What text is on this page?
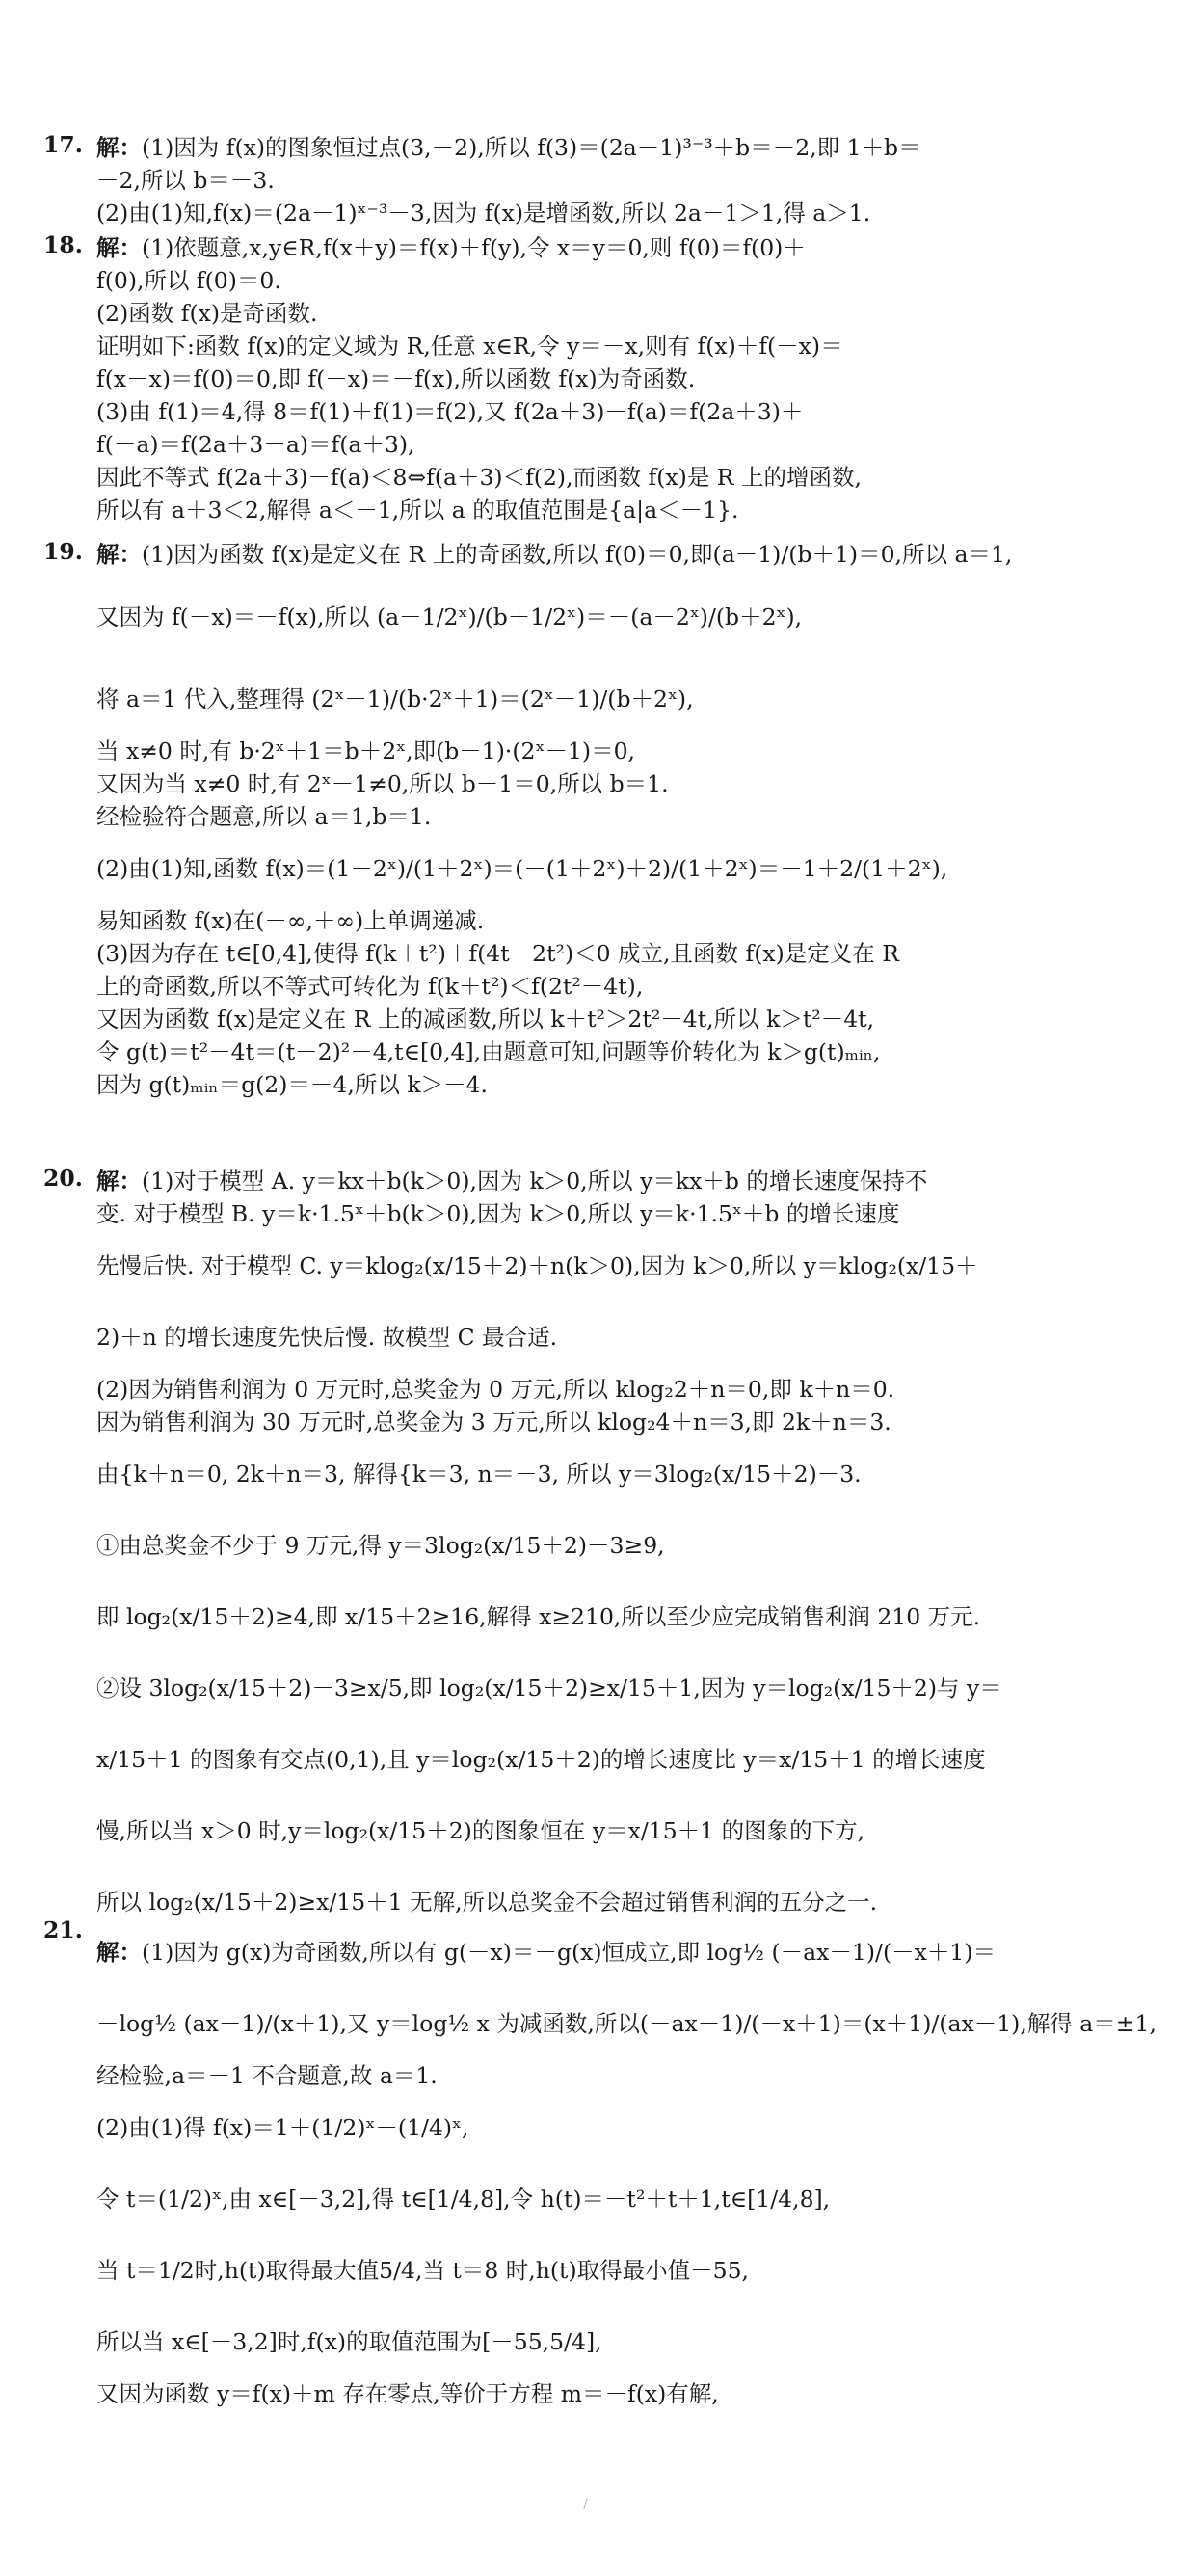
17. 解：(1)因为 f(x)的图象恒过点(3,－2),所以 f(3)＝(2a－1)³⁻³＋b＝－2,即 1＋b＝
－2,所以 b＝－3.
(2)由(1)知,f(x)＝(2a－1)ˣ⁻³－3,因为 f(x)是增函数,所以 2a－1＞1,得 a＞1.
18. 解：(1)依题意,x,y∈R,f(x＋y)＝f(x)＋f(y),令 x＝y＝0,则 f(0)＝f(0)＋
f(0),所以 f(0)＝0.
(2)函数 f(x)是奇函数.
证明如下:函数 f(x)的定义域为 R,任意 x∈R,令 y＝－x,则有 f(x)＋f(－x)＝
f(x－x)＝f(0)＝0,即 f(－x)＝－f(x),所以函数 f(x)为奇函数.
(3)由 f(1)＝4,得 8＝f(1)＋f(1)＝f(2),又 f(2a＋3)－f(a)＝f(2a＋3)＋
f(－a)＝f(2a＋3－a)＝f(a＋3),
因此不等式 f(2a＋3)－f(a)＜8⇔f(a＋3)＜f(2),而函数 f(x)是 R 上的增函数,
所以有 a＋3＜2,解得 a＜－1,所以 a 的取值范围是{a|a＜－1}.
19. 解：(1)因为函数 f(x)是定义在 R 上的奇函数,所以 f(0)＝0,即(a－1)/(b＋1)＝0,所以 a＝1,
又因为 f(－x)＝－f(x),所以 (a－1/2ˣ)/(b＋1/2ˣ)＝－(a－2ˣ)/(b＋2ˣ),
将 a＝1 代入,整理得 (2ˣ－1)/(b·2ˣ＋1)＝(2ˣ－1)/(b＋2ˣ),
当 x≠0 时,有 b·2ˣ＋1＝b＋2ˣ,即(b－1)·(2ˣ－1)＝0,
又因为当 x≠0 时,有 2ˣ－1≠0,所以 b－1＝0,所以 b＝1.
经检验符合题意,所以 a＝1,b＝1.
(2)由(1)知,函数 f(x)＝(1－2ˣ)/(1＋2ˣ)＝(－(1＋2ˣ)＋2)/(1＋2ˣ)＝－1＋2/(1＋2ˣ),
易知函数 f(x)在(－∞,＋∞)上单调递减.
(3)因为存在 t∈[0,4],使得 f(k＋t²)＋f(4t－2t²)＜0 成立,且函数 f(x)是定义在 R
上的奇函数,所以不等式可转化为 f(k＋t²)＜f(2t²－4t),
又因为函数 f(x)是定义在 R 上的减函数,所以 k＋t²＞2t²－4t,所以 k＞t²－4t,
令 g(t)＝t²－4t＝(t－2)²－4,t∈[0,4],由题意可知,问题等价转化为 k＞g(t)ₘᵢₙ,
因为 g(t)ₘᵢₙ＝g(2)＝－4,所以 k＞－4.
20. 解：(1)对于模型 A. y＝kx＋b(k＞0),因为 k＞0,所以 y＝kx＋b 的增长速度保持不
变. 对于模型 B. y＝k·1.5ˣ＋b(k＞0),因为 k＞0,所以 y＝k·1.5ˣ＋b 的增长速度
先慢后快. 对于模型 C. y＝klog₂(x/15＋2)＋n(k＞0),因为 k＞0,所以 y＝klog₂(x/15＋
2)＋n 的增长速度先快后慢. 故模型 C 最合适.
(2)因为销售利润为 0 万元时,总奖金为 0 万元,所以 klog₂2＋n＝0,即 k＋n＝0.
因为销售利润为 30 万元时,总奖金为 3 万元,所以 klog₂4＋n＝3,即 2k＋n＝3.
由{k＋n＝0, 2k＋n＝3, 解得{k＝3, n＝－3, 所以 y＝3log₂(x/15＋2)－3.
①由总奖金不少于 9 万元,得 y＝3log₂(x/15＋2)－3≥9,
即 log₂(x/15＋2)≥4,即 x/15＋2≥16,解得 x≥210,所以至少应完成销售利润 210 万元.
②设 3log₂(x/15＋2)－3≥x/5,即 log₂(x/15＋2)≥x/15＋1,因为 y＝log₂(x/15＋2)与 y＝
x/15＋1 的图象有交点(0,1),且 y＝log₂(x/15＋2)的增长速度比 y＝x/15＋1 的增长速度
慢,所以当 x＞0 时,y＝log₂(x/15＋2)的图象恒在 y＝x/15＋1 的图象的下方,
所以 log₂(x/15＋2)≥x/15＋1 无解,所以总奖金不会超过销售利润的五分之一.
21.
解：(1)因为 g(x)为奇函数,所以有 g(－x)＝－g(x)恒成立,即 log½ (－ax－1)/(－x＋1)＝
－log½ (ax－1)/(x＋1),又 y＝log½ x 为减函数,所以(－ax－1)/(－x＋1)＝(x＋1)/(ax－1),解得 a＝±1,
经检验,a＝－1 不合题意,故 a＝1.
(2)由(1)得 f(x)＝1＋(1/2)ˣ－(1/4)ˣ,
令 t＝(1/2)ˣ,由 x∈[－3,2],得 t∈[1/4,8],令 h(t)＝－t²＋t＋1,t∈[1/4,8],
当 t＝1/2时,h(t)取得最大值5/4,当 t＝8 时,h(t)取得最小值－55,
所以当 x∈[－3,2]时,f(x)的取值范围为[－55,5/4],
又因为函数 y＝f(x)＋m 存在零点,等价于方程 m＝－f(x)有解,
/
